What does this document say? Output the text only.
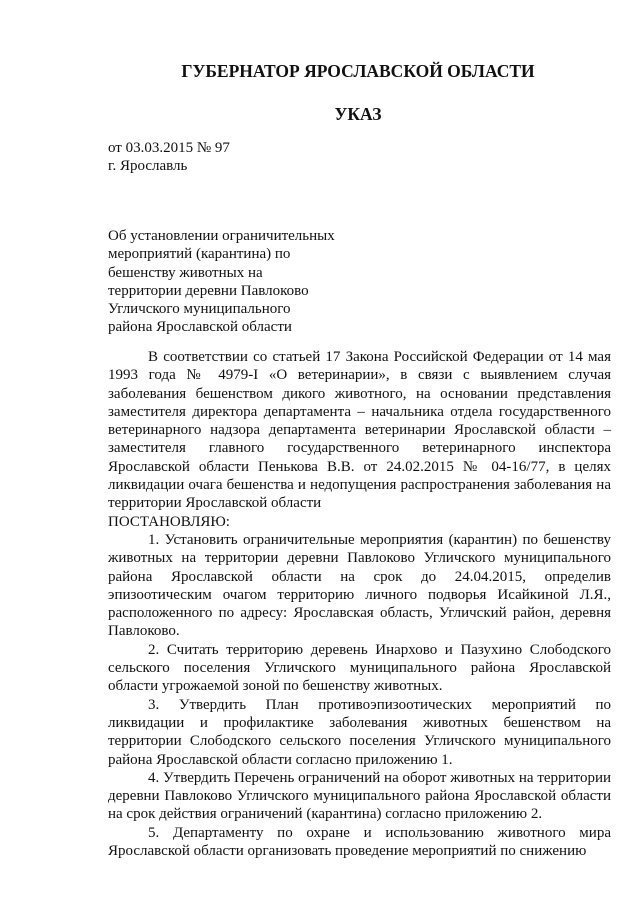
ГУБЕРНАТОР ЯРОСЛАВСКОЙ ОБЛАСТИ
УКАЗ
от 03.03.2015 № 97
г. Ярославль
Об установлении ограничительных
мероприятий (карантина) по
бешенству животных на
территории деревни Павлоково
Угличского муниципального
района Ярославской области

В соответствии со статьей 17 Закона Российской Федерации от 14 мая 1993 года № 4979-I «О ветеринарии», в связи с выявлением случая заболевания бешенством дикого животного, на основании представления заместителя директора департамента – начальника отдела государственного ветеринарного надзора департамента ветеринарии Ярославской области – заместителя главного государственного ветеринарного инспектора Ярославской области Пенькова В.В. от 24.02.2015 № 04-16/77, в целях ликвидации очага бешенства и недопущения распространения заболевания на территории Ярославской области

ПОСТАНОВЛЯЮ:

1. Установить ограничительные мероприятия (карантин) по бешенству животных на территории деревни Павлоково Угличского муниципального района Ярославской области на срок до 24.04.2015, определив эпизоотическим очагом территорию личного подворья Исайкиной Л.Я., расположенного по адресу: Ярославская область, Угличский район, деревня Павлоково.

2. Считать территорию деревень Инархово и Пазухино Слободского сельского поселения Угличского муниципального района Ярославской области угрожаемой зоной по бешенству животных.

3. Утвердить План противоэпизоотических мероприятий по ликвидации и профилактике заболевания животных бешенством на территории Слободского сельского поселения Угличского муниципального района Ярославской области согласно приложению 1.

4. Утвердить Перечень ограничений на оборот животных на территории деревни Павлоково Угличского муниципального района Ярославской области на срок действия ограничений (карантина) согласно приложению 2.

5. Департаменту по охране и использованию животного мира Ярославской области организовать проведение мероприятий по снижению
